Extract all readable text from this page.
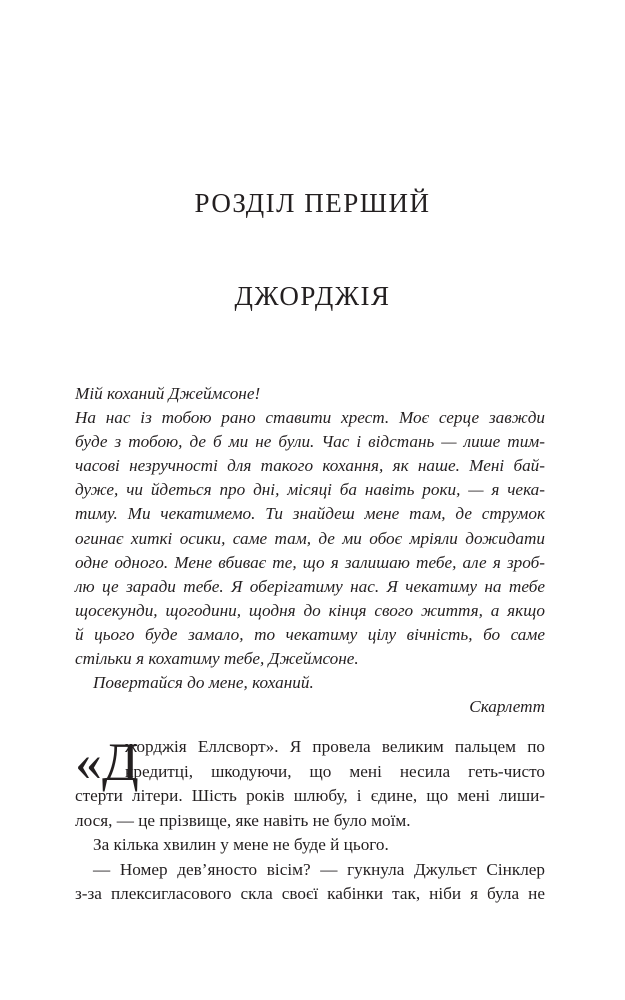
РОЗДІЛ ПЕРШИЙ
ДЖОРДЖІЯ
Мій коханий Джеймсоне!
На нас із тобою рано ставити хрест. Моє серце завжди
буде з тобою, де б ми не були. Час і відстань — лише тим-
часові незручності для такого кохання, як наше. Мені бай-
дуже, чи йдеться про дні, місяці ба навіть роки, — я чека-
тиму. Ми чекатимемо. Ти знайдеш мене там, де струмок
огинає хиткі осики, саме там, де ми обоє мріяли дожидати
одне одного. Мене вбиває те, що я залишаю тебе, але я зроб-
лю це заради тебе. Я оберігатиму нас. Я чекатиму на тебе
щосекунди, щогодини, щодня до кінця свого життя, а якщо
й цього буде замало, то чекатиму цілу вічність, бо саме
стільки я кохатиму тебе, Джеймсоне.
Повертайся до мене, коханий.
Скарлетт
«Д
жорджія Еллсворт». Я провела великим пальцем по
кредитці, шкодуючи, що мені несила геть-чисто
стерти літери. Шість років шлюбу, і єдине, що мені лиши-
лося, — це прізвище, яке навіть не було моїм.
За кілька хвилин у мене не буде й цього.
— Номер дев’яносто вісім? — гукнула Джульєт Сінклер
з-за плексигласового скла своєї кабінки так, ніби я була не
